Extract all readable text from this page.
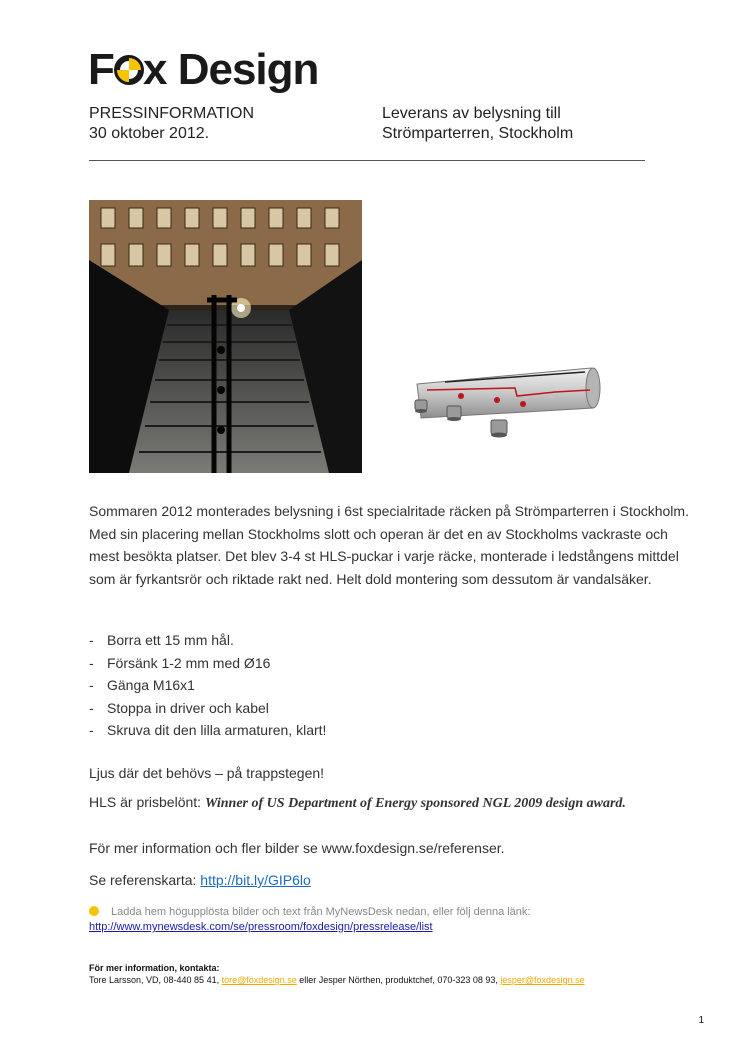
F x Design
PRESSINFORMATION
30 oktober 2012.
Leverans av belysning till
Strömparterren, Stockholm
Sommaren 2012 monterades belysning i 6st specialritade räcken på Strömparterren i Stockholm. Med sin placering mellan Stockholms slott och operan är det en av Stockholms vackraste och mest besökta platser. Det blev 3-4 st HLS-puckar i varje räcke, monterade i ledstångens mittdel som är fyrkantsrör och riktade rakt ned. Helt dold montering som dessutom är vandalsäker.
- Borra ett 15 mm hål.
- Försänk 1-2 mm med Ø16
- Gänga M16x1
- Stoppa in driver och kabel
- Skruva dit den lilla armaturen, klart!
Ljus där det behövs – på trappstegen!
HLS är prisbelönt: Winner of US Department of Energy sponsored NGL 2009 design award.
För mer information och fler bilder se www.foxdesign.se/referenser.
Se referenskarta: http://bit.ly/GIP6lo
Ladda hem högupplösta bilder och text från MyNewsDesk nedan, eller följ denna länk:
http://www.mynewsdesk.com/se/pressroom/foxdesign/pressrelease/list
För mer information, kontakta:
Tore Larsson, VD, 08-440 85 41, tore@foxdesign.se eller Jesper Nörthen, produktchef, 070-323 08 93, jesper@foxdesign.se
1
